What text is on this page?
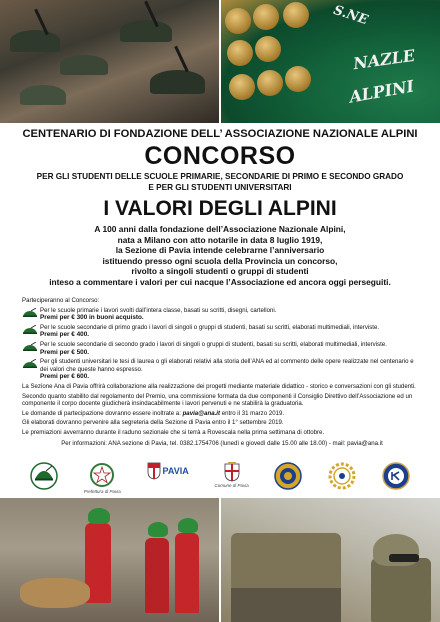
S.NE
NAZLE
ALPINI
CENTENARIO DI FONDAZIONE DELL’ ASSOCIAZIONE NAZIONALE ALPINI
CONCORSO
PER GLI STUDENTI DELLE SCUOLE PRIMARIE, SECONDARIE DI PRIMO E SECONDO GRADO
E PER GLI STUDENTI UNIVERSITARI
I VALORI DEGLI ALPINI
A 100 anni dalla fondazione dell’Associazione Nazionale Alpini,
nata a Milano con atto notarile in data 8 luglio 1919,
la Sezione di Pavia intende celebrarne l’anniversario
istituendo presso ogni scuola della Provincia un concorso,
rivolto a singoli studenti o gruppi di studenti
inteso a commentare i valori per cui nacque l’Associazione ed ancora oggi perseguiti.
Parteciperanno al Concorso:
Per le scuole primarie i lavori svolti dall’intera classe, basati su scritti, disegni, cartelloni.
Premi per € 300 in buoni acquisto.
Per le scuole secondarie di primo grado i lavori di singoli o gruppi di studenti, basati su scritti, elaborati multimediali, interviste.
Premi per € 400.
Per le scuole secondarie di secondo grado i lavori di singoli o gruppi di studenti, basati su scritti, elaborati multimediali, interviste.
Premi per € 500.
Per gli studenti universitari le tesi di laurea o gli elaborati relativi alla storia dell’ANA ed al commento delle opere realizzate nel centenario e dei valori che queste hanno espresso.
Premi per € 600.
La Sezione Ana di Pavia offrirà collaborazione alla realizzazione dei progetti mediante materiale didattico - storico e conversazioni con gli studenti.
Secondo quanto stabilito dal regolamento del Premio, una commissione formata da due componenti il Consiglio Direttivo dell’Associazione ed un componente il corpo docente giudicherà insindacabilmente i lavori pervenuti e ne stabilirà la graduatoria.
Le domande di partecipazione dovranno essere inoltrate a: pavia@ana.it entro il 31 marzo 2019.
Gli elaborati dovranno pervenire alla segreteria della Sezione di Pavia entro il 1° settembre 2019.
Le premiazioni avverranno durante il raduno sezionale che si terrà a Rovescala nella prima settimana di ottobre.
Per informazioni: ANA sezione di Pavia, tel. 0382.1754706 (lunedì e giovedì dalle 15.00 alle 18.00) - mail: pavia@ana.it
Prefettura di Pavia
PAVIA
Comune di Pavia
